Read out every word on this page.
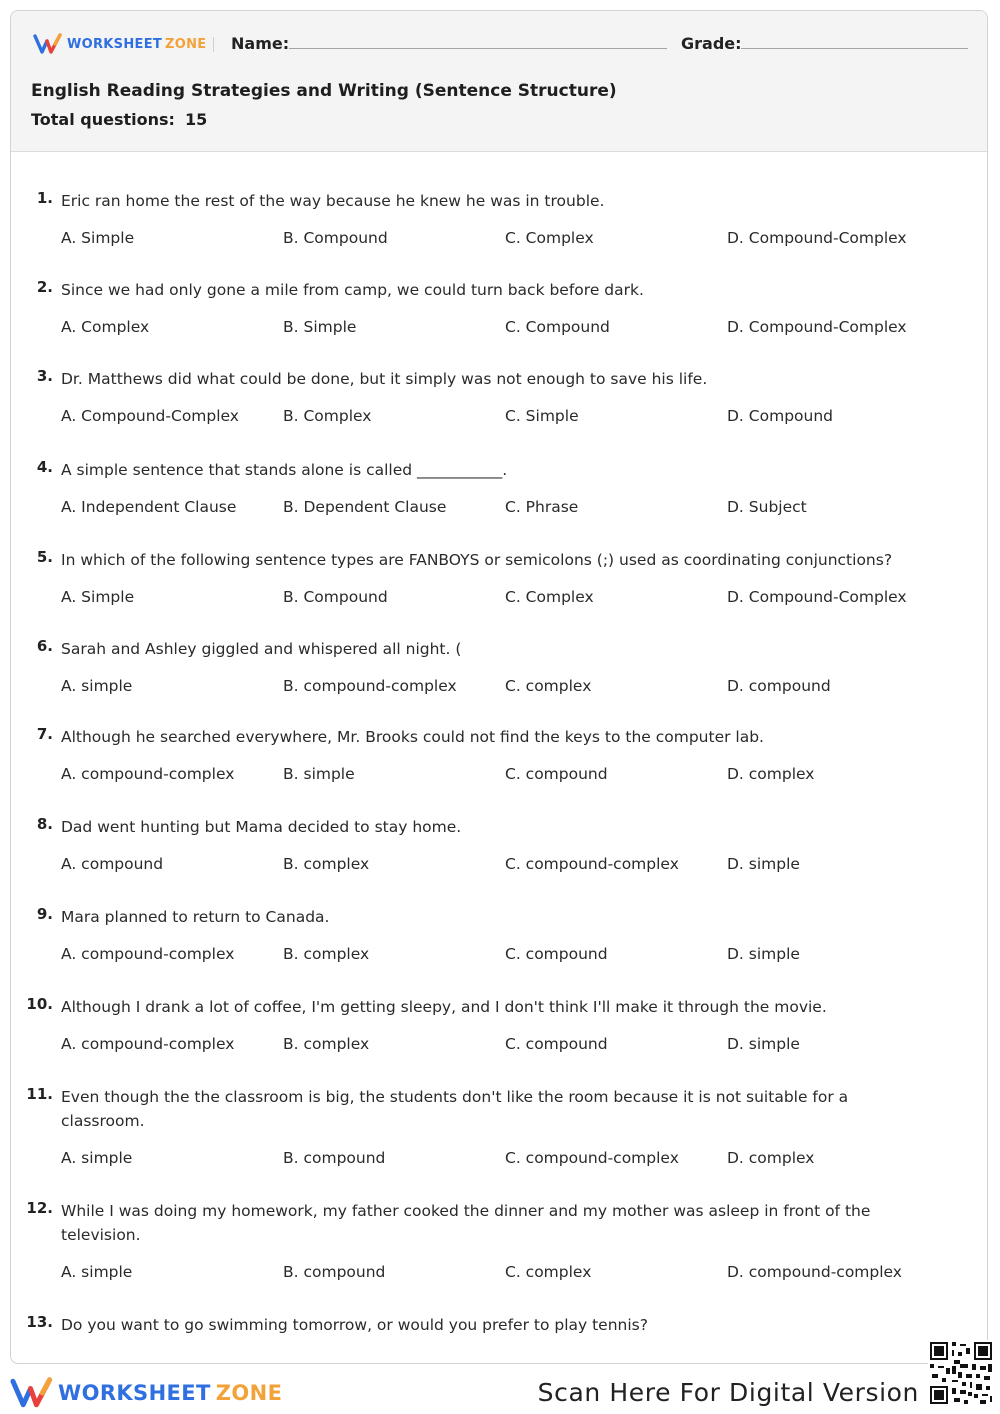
WORKSHEET ZONE Name:	Grade:
English Reading Strategies and Writing (Sentence Structure)
Total questions: 15
1. Eric ran home the rest of the way because he knew he was in trouble.
A. Simple	B. Compound	C. Complex	D. Compound-Complex
2. Since we had only gone a mile from camp, we could turn back before dark.
A. Complex	B. Simple	C. Compound	D. Compound-Complex
3. Dr. Matthews did what could be done, but it simply was not enough to save his life.
A. Compound-Complex	B. Complex	C. Simple	D. Compound
4. A simple sentence that stands alone is called ___________.
A. Independent Clause	B. Dependent Clause	C. Phrase	D. Subject
5. In which of the following sentence types are FANBOYS or semicolons (;) used as coordinating conjunctions?
A. Simple	B. Compound	C. Complex	D. Compound-Complex
6. Sarah and Ashley giggled and whispered all night. (
A. simple	B. compound-complex	C. complex	D. compound
7. Although he searched everywhere, Mr. Brooks could not find the keys to the computer lab.
A. compound-complex	B. simple	C. compound	D. complex
8. Dad went hunting but Mama decided to stay home.
A. compound	B. complex	C. compound-complex	D. simple
9. Mara planned to return to Canada.
A. compound-complex	B. complex	C. compound	D. simple
10. Although I drank a lot of coffee, I'm getting sleepy, and I don't think I'll make it through the movie.
A. compound-complex	B. complex	C. compound	D. simple
11. Even though the the classroom is big, the students don't like the room because it is not suitable for a classroom.
A. simple	B. compound	C. compound-complex	D. complex
12. While I was doing my homework, my father cooked the dinner and my mother was asleep in front of the television.
A. simple	B. compound	C. complex	D. compound-complex
13. Do you want to go swimming tomorrow, or would you prefer to play tennis?
WORKSHEET ZONE	Scan Here For Digital Version
